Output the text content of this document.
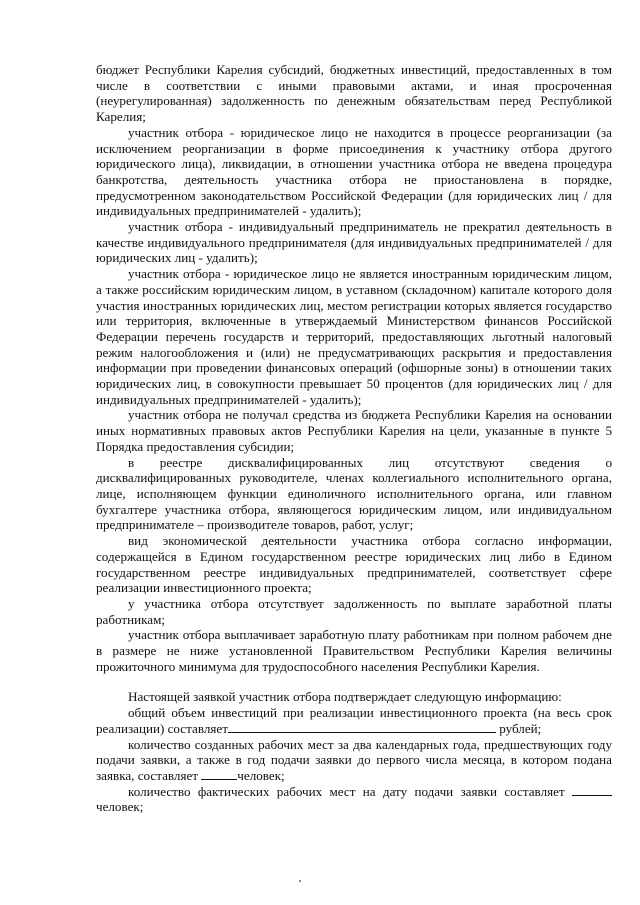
бюджет Республики Карелия субсидий, бюджетных инвестиций, предоставленных в том числе в соответствии с иными правовыми актами, и иная просроченная (неурегулированная) задолженность по денежным обязательствам перед Республикой Карелия;

участник отбора - юридическое лицо не находится в процессе реорганизации (за исключением реорганизации в форме присоединения к участнику отбора другого юридического лица), ликвидации, в отношении участника отбора не введена процедура банкротства, деятельность участника отбора не приостановлена в порядке, предусмотренном законодательством Российской Федерации (для юридических лиц / для индивидуальных предпринимателей - удалить);

участник отбора - индивидуальный предприниматель не прекратил деятельность в качестве индивидуального предпринимателя (для индивидуальных предпринимателей / для юридических лиц - удалить);

участник отбора - юридическое лицо не является иностранным юридическим лицом, а также российским юридическим лицом, в уставном (складочном) капитале которого доля участия иностранных юридических лиц, местом регистрации которых является государство или территория, включенные в утверждаемый Министерством финансов Российской Федерации перечень государств и территорий, предоставляющих льготный налоговый режим налогообложения и (или) не предусматривающих раскрытия и предоставления информации при проведении финансовых операций (офшорные зоны) в отношении таких юридических лиц, в совокупности превышает 50 процентов (для юридических лиц / для индивидуальных предпринимателей - удалить);

участник отбора не получал средства из бюджета Республики Карелия на основании иных нормативных правовых актов Республики Карелия на цели, указанные в пункте 5 Порядка предоставления субсидии;

в реестре дисквалифицированных лиц отсутствуют сведения о дисквалифицированных руководителе, членах коллегиального исполнительного органа, лице, исполняющем функции единоличного исполнительного органа, или главном бухгалтере участника отбора, являющегося юридическим лицом, или индивидуальном предпринимателе – производителе товаров, работ, услуг;

вид экономической деятельности участника отбора согласно информации, содержащейся в Едином государственном реестре юридических лиц либо в Едином государственном реестре индивидуальных предпринимателей, соответствует сфере реализации инвестиционного проекта;

у участника отбора отсутствует задолженность по выплате заработной платы работникам;

участник отбора выплачивает заработную плату работникам при полном рабочем дне в размере не ниже установленной Правительством Республики Карелия величины прожиточного минимума для трудоспособного населения Республики Карелия.

Настоящей заявкой участник отбора подтверждает следующую информацию:

общий объем инвестиций при реализации инвестиционного проекта (на весь срок реализации) составляет	рублей;

количество созданных рабочих мест за два календарных года, предшествующих году подачи заявки, а также в год подачи заявки до первого числа месяца, в котором подана заявка, составляет	человек;

количество фактических рабочих мест на дату подачи заявки составляет человек;
